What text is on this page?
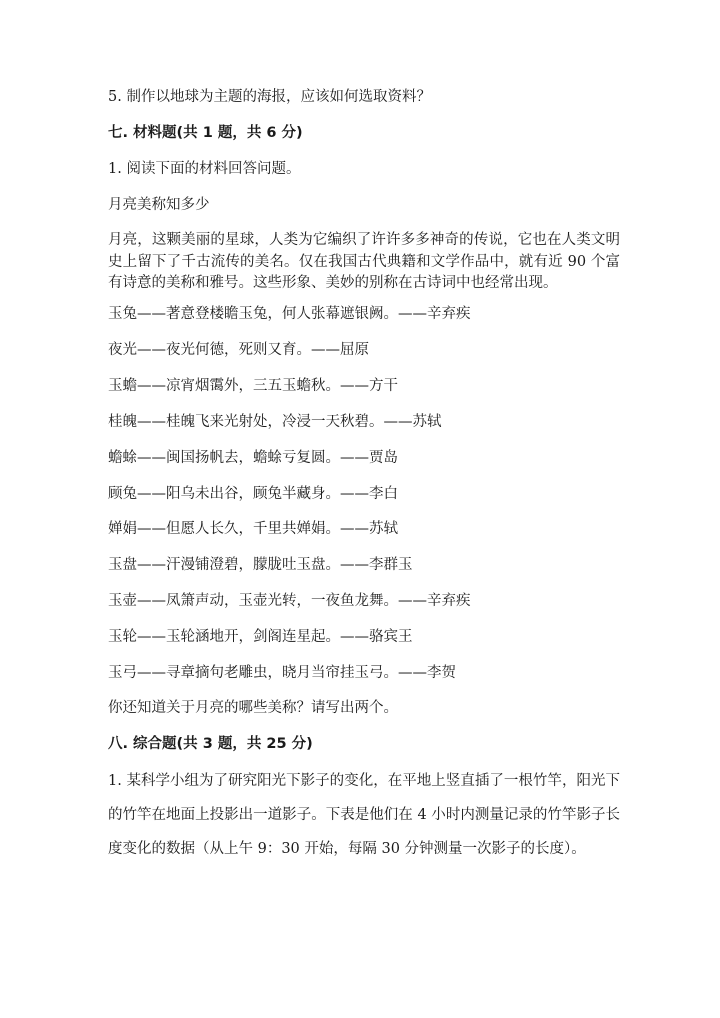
5. 制作以地球为主题的海报，应该如何选取资料？
七. 材料题(共 1 题，共 6 分)
1. 阅读下面的材料回答问题。
月亮美称知多少
月亮，这颗美丽的星球，人类为它编织了许许多多神奇的传说，它也在人类文明史上留下了千古流传的美名。仅在我国古代典籍和文学作品中，就有近 90 个富有诗意的美称和雅号。这些形象、美妙的别称在古诗词中也经常出现。
玉兔——著意登楼瞻玉兔，何人张幕遮银阙。——辛弃疾
夜光——夜光何德，死则又育。——屈原
玉蟾——凉宵烟霭外，三五玉蟾秋。——方干
桂魄——桂魄飞来光射处，冷浸一天秋碧。——苏轼
蟾蜍——闽国扬帆去，蟾蜍亏复圆。——贾岛
顾兔——阳乌未出谷，顾兔半藏身。——李白
婵娟——但愿人长久，千里共婵娟。——苏轼
玉盘——汗漫铺澄碧，朦胧吐玉盘。——李群玉
玉壶——凤箫声动，玉壶光转，一夜鱼龙舞。——辛弃疾
玉轮——玉轮涵地开，剑阁连星起。——骆宾王
玉弓——寻章摘句老雕虫，晓月当帘挂玉弓。——李贺
你还知道关于月亮的哪些美称？请写出两个。
八. 综合题(共 3 题，共 25 分)
1. 某科学小组为了研究阳光下影子的变化，在平地上竖直插了一根竹竿，阳光下的竹竿在地面上投影出一道影子。下表是他们在 4 小时内测量记录的竹竿影子长度变化的数据（从上午 9：30 开始，每隔 30 分钟测量一次影子的长度）。
